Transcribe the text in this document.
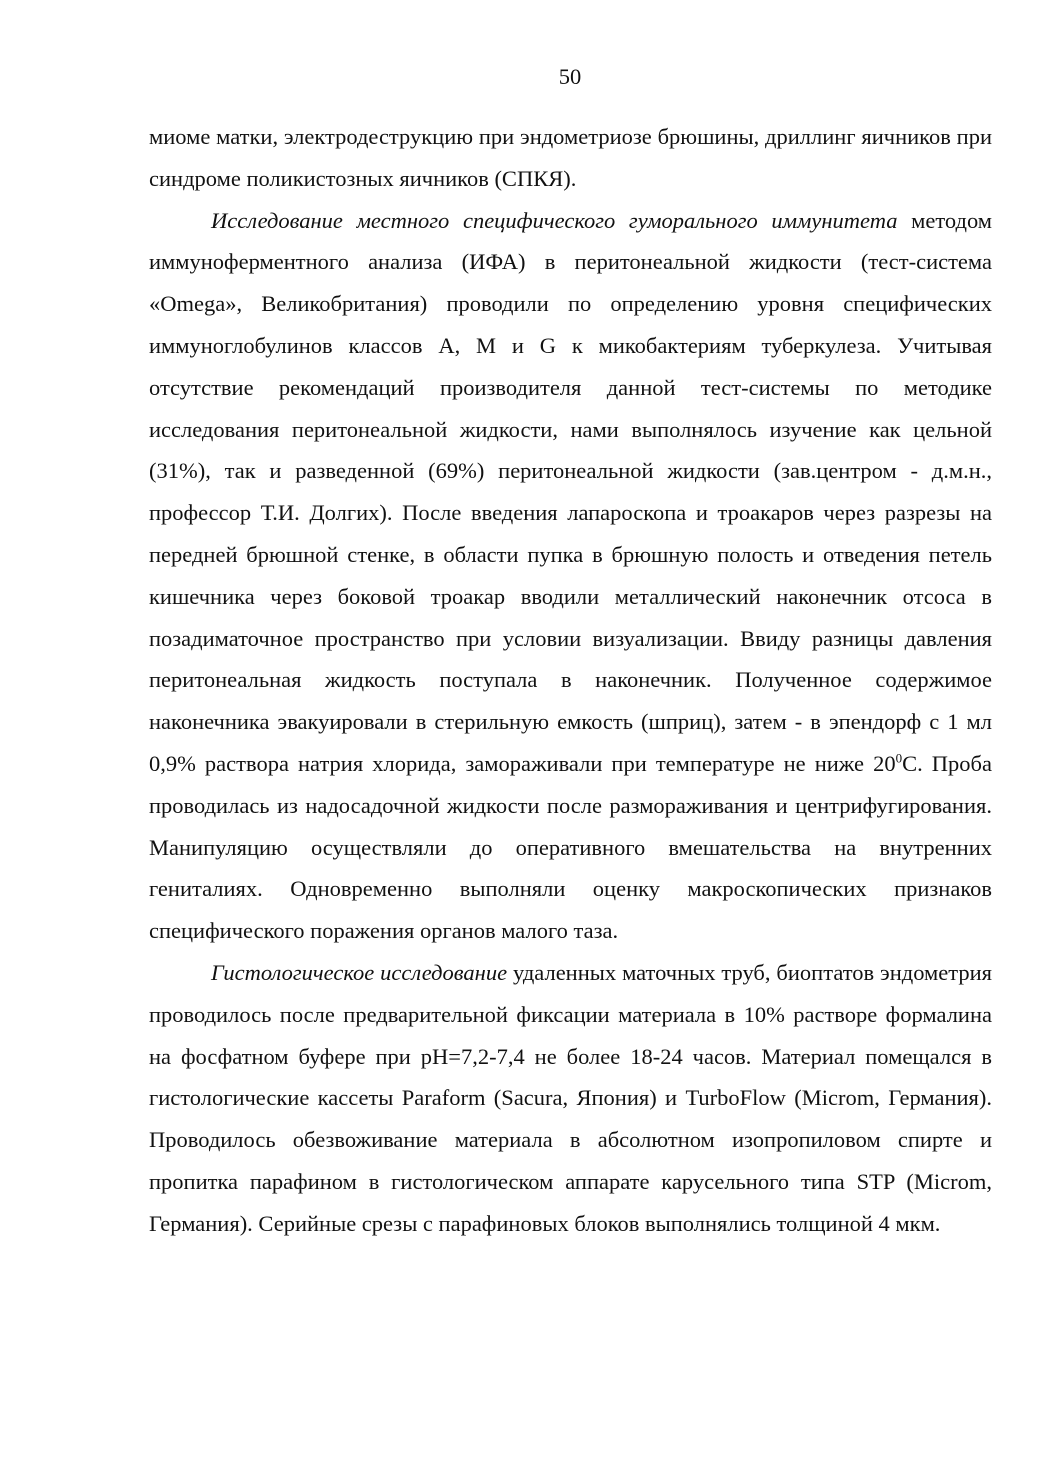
50

миоме матки, электродеструкцию при эндометриозе брюшины, дриллинг яичников при синдроме поликистозных яичников (СПКЯ).

Исследование местного специфического гуморального иммунитета методом иммуноферментного анализа (ИФА) в перитонеальной жидкости (тест-система «Omega», Великобритания) проводили по определению уровня специфических иммуноглобулинов классов А, М и G к микобактериям туберкулеза. Учитывая отсутствие рекомендаций производителя данной тест-системы по методике исследования перитонеальной жидкости, нами выполнялось изучение как цельной (31%), так и разведенной (69%) перитонеальной жидкости (зав.центром - д.м.н., профессор Т.И. Долгих). После введения лапароскопа и троакаров через разрезы на передней брюшной стенке, в области пупка в брюшную полость и отведения петель кишечника через боковой троакар вводили металлический наконечник отсоса в позадиматочное пространство при условии визуализации. Ввиду разницы давления перитонеальная жидкость поступала в наконечник. Полученное содержимое наконечника эвакуировали в стерильную емкость (шприц), затем - в эпендорф с 1 мл 0,9% раствора натрия хлорида, замораживали при температуре не ниже $20^0С$. Проба проводилась из надосадочной жидкости после размораживания и центрифугирования. Манипуляцию осуществляли до оперативного вмешательства на внутренних гениталиях. Одновременно выполняли оценку макроскопических признаков специфического поражения органов малого таза.

Гистологическое исследование удаленных маточных труб, биоптатов эндометрия проводилось после предварительной фиксации материала в 10% растворе формалина на фосфатном буфере при pH=7,2-7,4 не более 18-24 часов. Материал помещался в гистологические кассеты Paraform (Sacura, Япония) и TurboFlow (Microm, Германия). Проводилось обезвоживание материала в абсолютном изопропиловом спирте и пропитка парафином в гистологическом аппарате карусельного типа STP (Microm, Германия). Серийные срезы с парафиновых блоков выполнялись толщиной 4 мкм.
